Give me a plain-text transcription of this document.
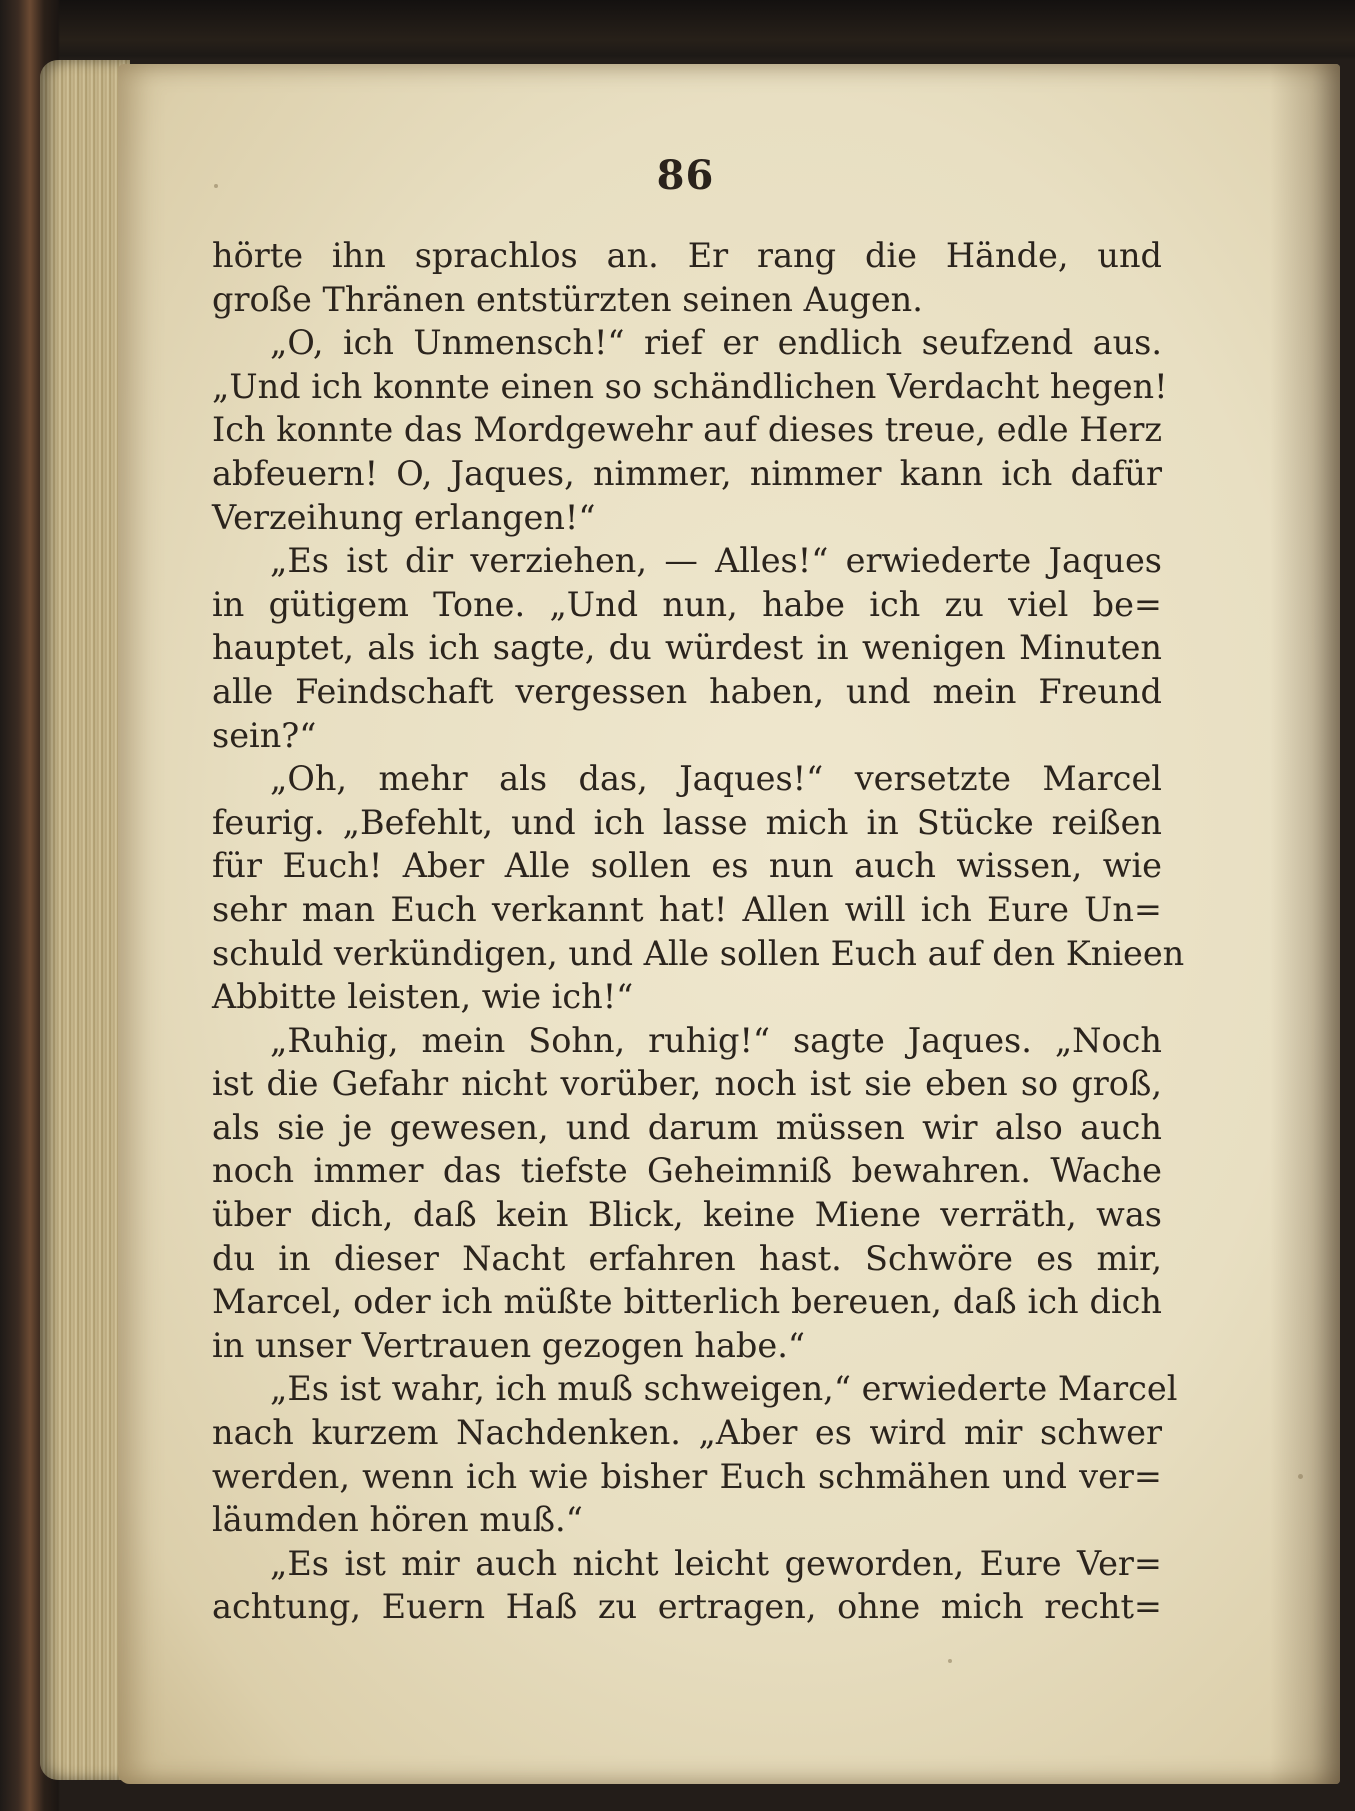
86
hörte ihn sprachlos an. Er rang die Hände, und
große Thränen entstürzten seinen Augen.
„O, ich Unmensch!“ rief er endlich seufzend aus.
„Und ich konnte einen so schändlichen Verdacht hegen!
Ich konnte das Mordgewehr auf dieses treue, edle Herz
abfeuern! O, Jaques, nimmer, nimmer kann ich dafür
Verzeihung erlangen!“
„Es ist dir verziehen, — Alles!“ erwiederte Jaques
in gütigem Tone. „Und nun, habe ich zu viel be=
hauptet, als ich sagte, du würdest in wenigen Minuten
alle Feindschaft vergessen haben, und mein Freund
sein?“
„Oh, mehr als das, Jaques!“ versetzte Marcel
feurig. „Befehlt, und ich lasse mich in Stücke reißen
für Euch! Aber Alle sollen es nun auch wissen, wie
sehr man Euch verkannt hat! Allen will ich Eure Un=
schuld verkündigen, und Alle sollen Euch auf den Knieen
Abbitte leisten, wie ich!“
„Ruhig, mein Sohn, ruhig!“ sagte Jaques. „Noch
ist die Gefahr nicht vorüber, noch ist sie eben so groß,
als sie je gewesen, und darum müssen wir also auch
noch immer das tiefste Geheimniß bewahren. Wache
über dich, daß kein Blick, keine Miene verräth, was
du in dieser Nacht erfahren hast. Schwöre es mir,
Marcel, oder ich müßte bitterlich bereuen, daß ich dich
in unser Vertrauen gezogen habe.“
„Es ist wahr, ich muß schweigen,“ erwiederte Marcel
nach kurzem Nachdenken. „Aber es wird mir schwer
werden, wenn ich wie bisher Euch schmähen und ver=
läumden hören muß.“
„Es ist mir auch nicht leicht geworden, Eure Ver=
achtung, Euern Haß zu ertragen, ohne mich recht=
